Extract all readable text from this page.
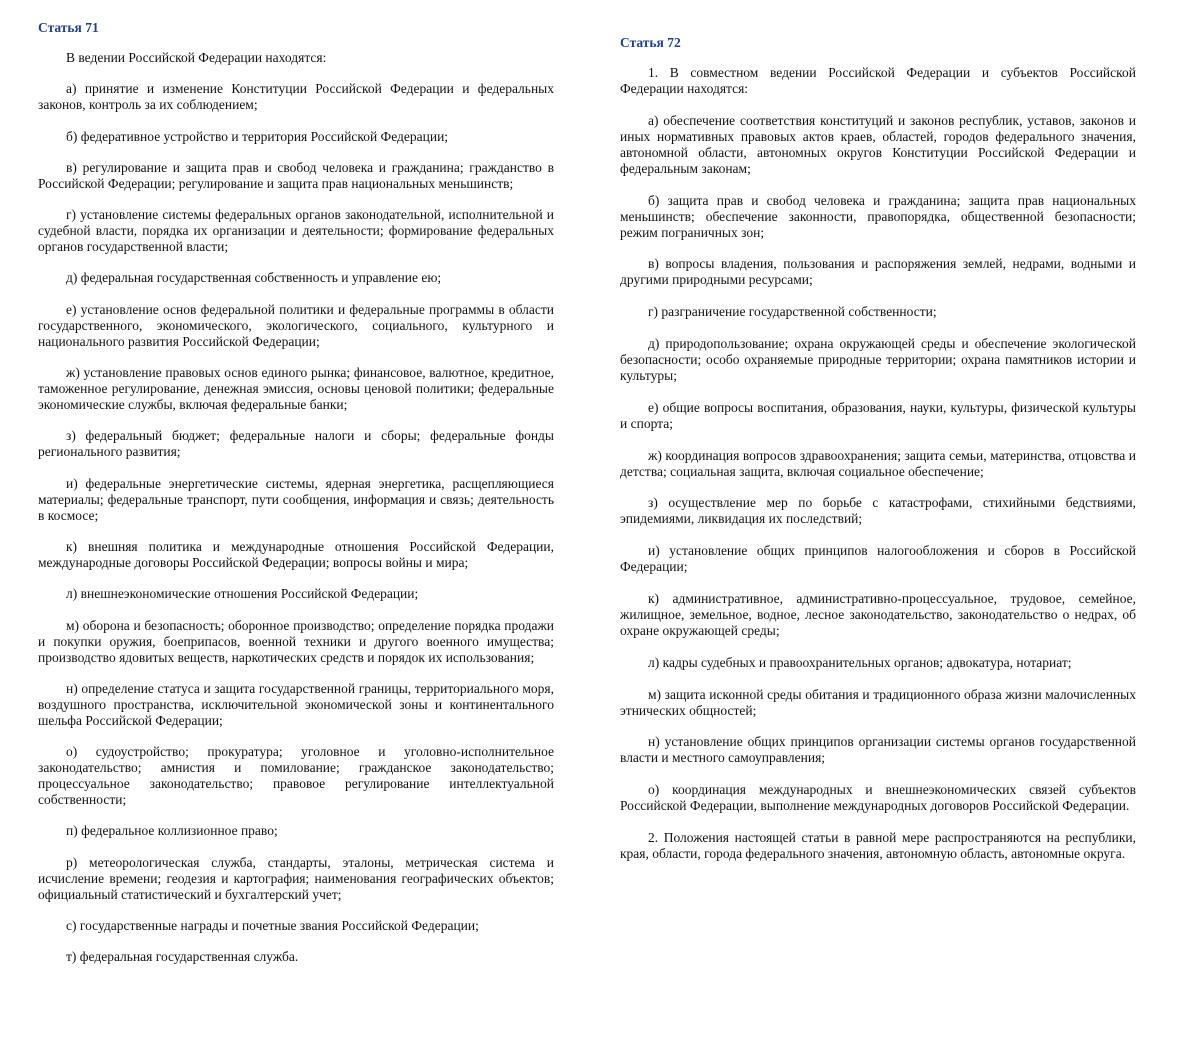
Статья 71

В ведении Российской Федерации находятся:

а) принятие и изменение Конституции Российской Федерации и федеральных законов, контроль за их соблюдением;

б) федеративное устройство и территория Российской Федерации;

в) регулирование и защита прав и свобод человека и гражданина; гражданство в Российской Федерации; регулирование и защита прав национальных меньшинств;

г) установление системы федеральных органов законодательной, исполнительной и судебной власти, порядка их организации и деятельности; формирование федеральных органов государственной власти;

д) федеральная государственная собственность и управление ею;

е) установление основ федеральной политики и федеральные программы в области государственного, экономического, экологического, социального, культурного и национального развития Российской Федерации;

ж) установление правовых основ единого рынка; финансовое, валютное, кредитное, таможенное регулирование, денежная эмиссия, основы ценовой политики; федеральные экономические службы, включая федеральные банки;

з) федеральный бюджет; федеральные налоги и сборы; федеральные фонды регионального развития;

и) федеральные энергетические системы, ядерная энергетика, расщепляющиеся материалы; федеральные транспорт, пути сообщения, информация и связь; деятельность в космосе;

к) внешняя политика и международные отношения Российской Федерации, международные договоры Российской Федерации; вопросы войны и мира;

л) внешнеэкономические отношения Российской Федерации;

м) оборона и безопасность; оборонное производство; определение порядка продажи и покупки оружия, боеприпасов, военной техники и другого военного имущества; производство ядовитых веществ, наркотических средств и порядок их использования;

н) определение статуса и защита государственной границы, территориального моря, воздушного пространства, исключительной экономической зоны и континентального шельфа Российской Федерации;

о) судоустройство; прокуратура; уголовное и уголовно-исполнительное законодательство; амнистия и помилование; гражданское законодательство; процессуальное законодательство; правовое регулирование интеллектуальной собственности;

п) федеральное коллизионное право;

р) метеорологическая служба, стандарты, эталоны, метрическая система и исчисление времени; геодезия и картография; наименования географических объектов; официальный статистический и бухгалтерский учет;

с) государственные награды и почетные звания Российской Федерации;

т) федеральная государственная служба.

Статья 72

1. В совместном ведении Российской Федерации и субъектов Российской Федерации находятся:

а) обеспечение соответствия конституций и законов республик, уставов, законов и иных нормативных правовых актов краев, областей, городов федерального значения, автономной области, автономных округов Конституции Российской Федерации и федеральным законам;

б) защита прав и свобод человека и гражданина; защита прав национальных меньшинств; обеспечение законности, правопорядка, общественной безопасности; режим пограничных зон;

в) вопросы владения, пользования и распоряжения землей, недрами, водными и другими природными ресурсами;

г) разграничение государственной собственности;

д) природопользование; охрана окружающей среды и обеспечение экологической безопасности; особо охраняемые природные территории; охрана памятников истории и культуры;

е) общие вопросы воспитания, образования, науки, культуры, физической культуры и спорта;

ж) координация вопросов здравоохранения; защита семьи, материнства, отцовства и детства; социальная защита, включая социальное обеспечение;

з) осуществление мер по борьбе с катастрофами, стихийными бедствиями, эпидемиями, ликвидация их последствий;

и) установление общих принципов налогообложения и сборов в Российской Федерации;

к) административное, административно-процессуальное, трудовое, семейное, жилищное, земельное, водное, лесное законодательство, законодательство о недрах, об охране окружающей среды;

л) кадры судебных и правоохранительных органов; адвокатура, нотариат;

м) защита исконной среды обитания и традиционного образа жизни малочисленных этнических общностей;

н) установление общих принципов организации системы органов государственной власти и местного самоуправления;

о) координация международных и внешнеэкономических связей субъектов Российской Федерации, выполнение международных договоров Российской Федерации.

2. Положения настоящей статьи в равной мере распространяются на республики, края, области, города федерального значения, автономную область, автономные округа.
